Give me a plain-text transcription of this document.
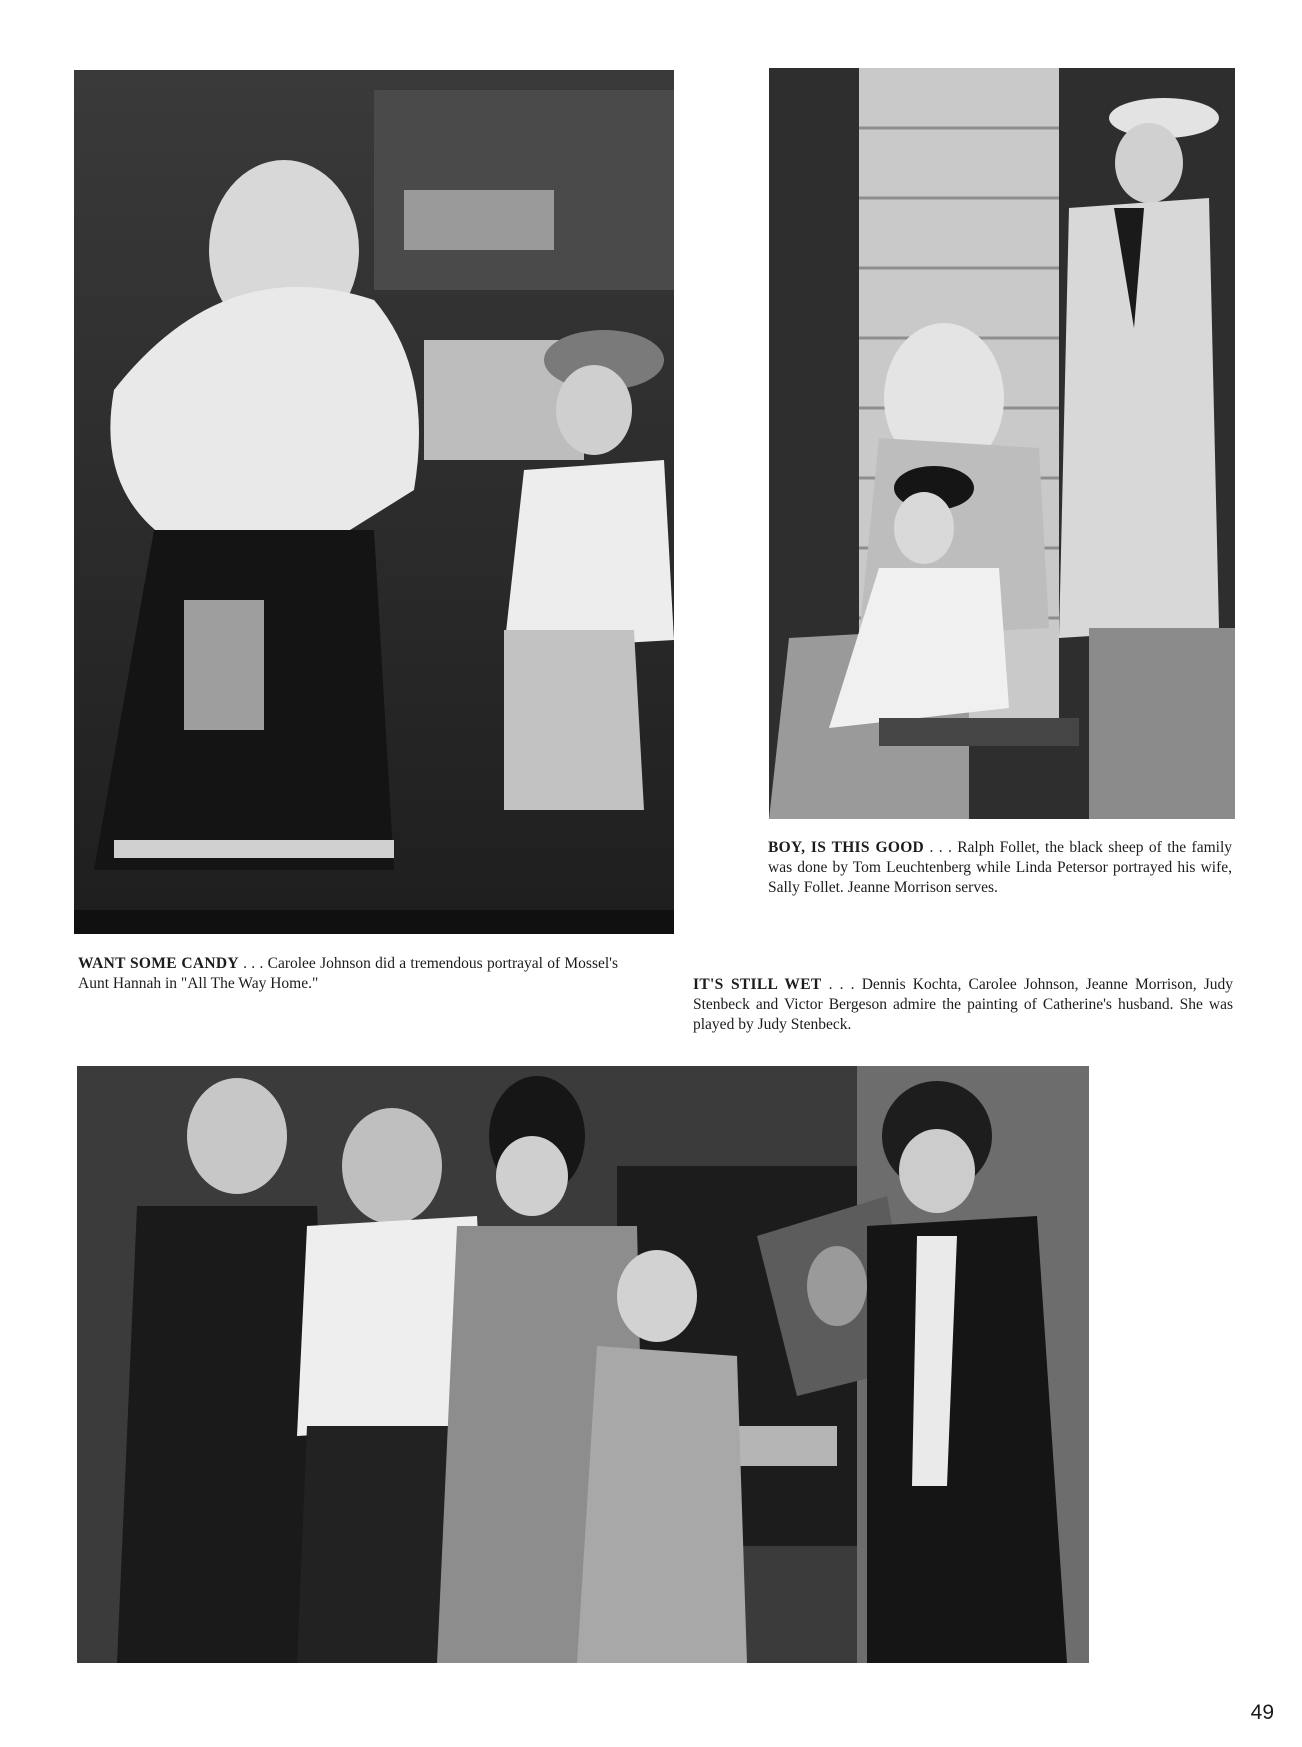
BOY, IS THIS GOOD . . . Ralph Follet, the black sheep of the family was done by Tom Leuchtenberg while Linda Petersor portrayed his wife, Sally Follet. Jeanne Morrison serves.
WANT SOME CANDY . . . Carolee Johnson did a tremendous portrayal of Mossel's Aunt Hannah in "All The Way Home."	IT'S STILL WET . . . Dennis Kochta, Carolee Johnson, Jeanne Morrison, Judy Stenbeck and Victor Bergeson admire the painting of Catherine's husband. She was played by Judy Stenbeck.
49
